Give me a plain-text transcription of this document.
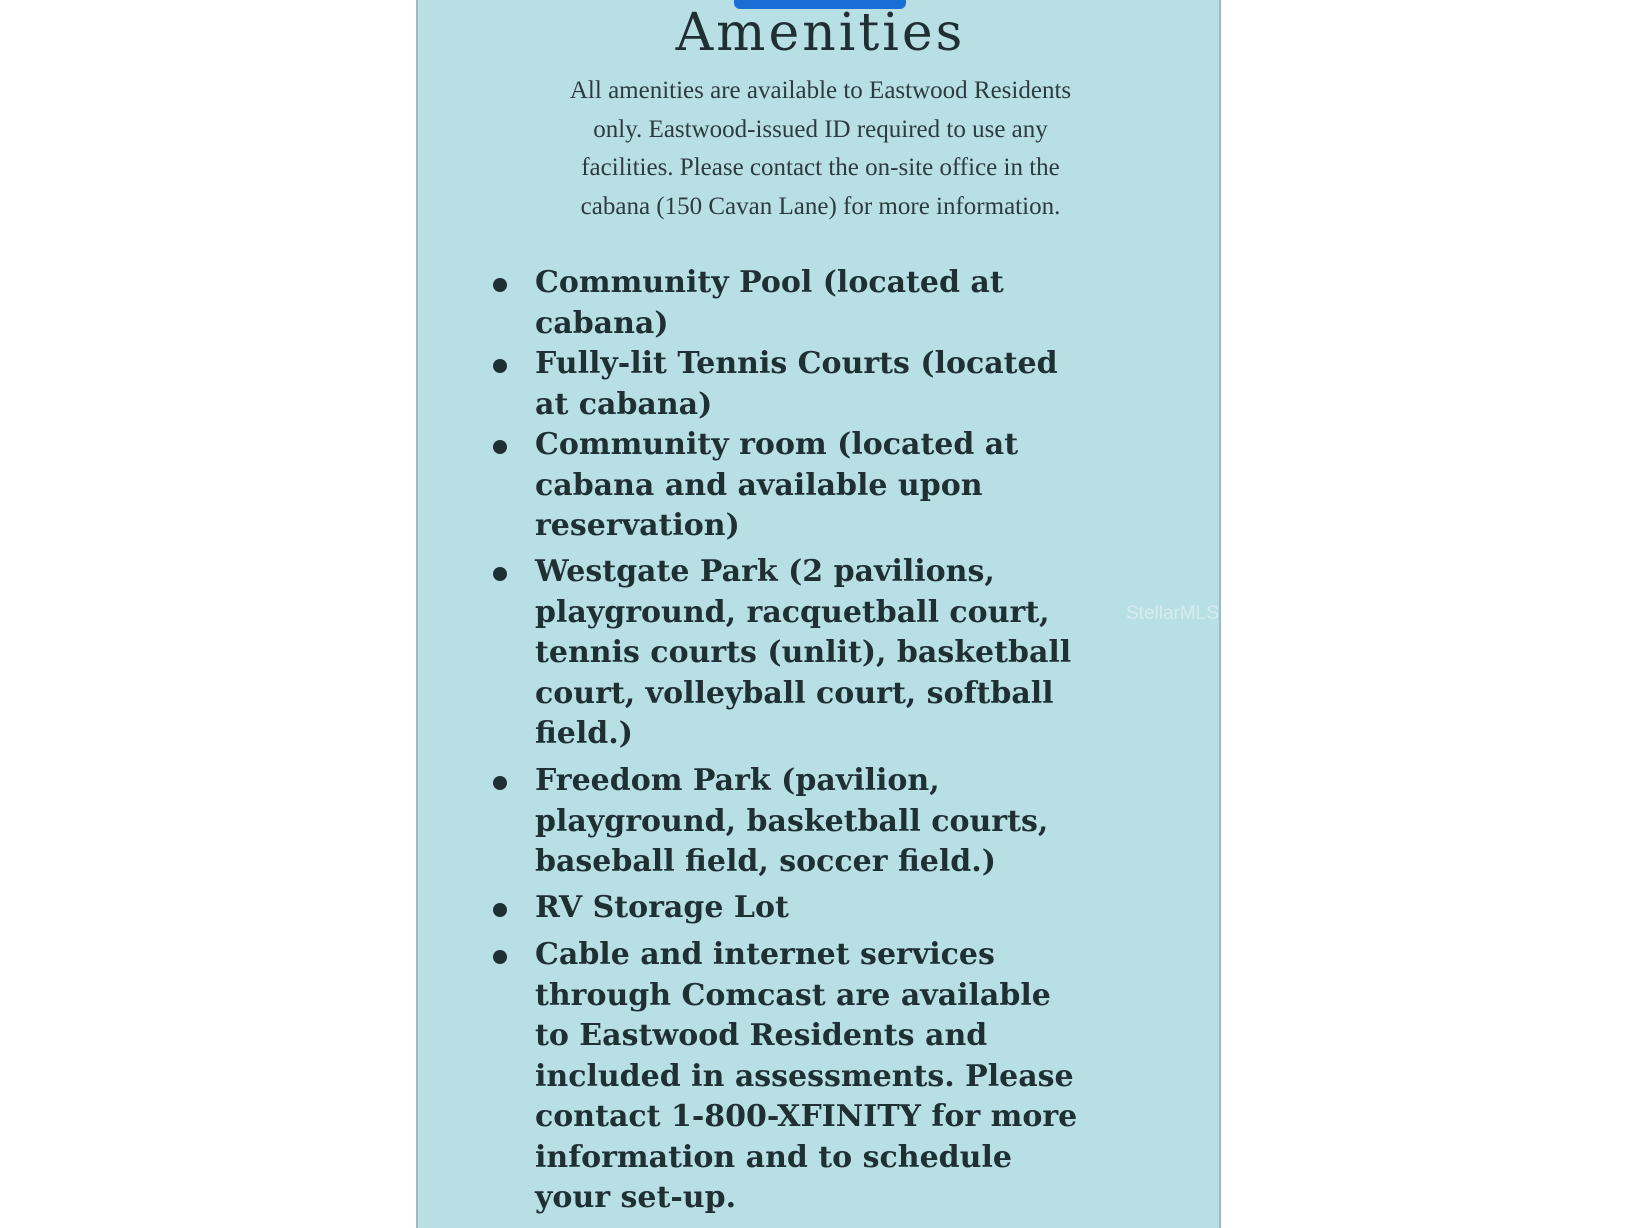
Amenities

All amenities are available to Eastwood Residents
only. Eastwood-issued ID required to use any
facilities. Please contact the on-site office in the
cabana (150 Cavan Lane) for more information.

Community Pool (located at
cabana)

Fully-lit Tennis Courts (located
at cabana)

Community room (located at
cabana and available upon
reservation)

Westgate Park (2 pavilions,
playground, racquetball court,
tennis courts (unlit), basketball
court, volleyball court, softball
field.)

Freedom Park (pavilion,
playground, basketball courts,
baseball field, soccer field.)

RV Storage Lot

Cable and internet services
through Comcast are available
to Eastwood Residents and
included in assessments. Please
contact 1-800-XFINITY for more
information and to schedule
your set-up.

StellarMLS
